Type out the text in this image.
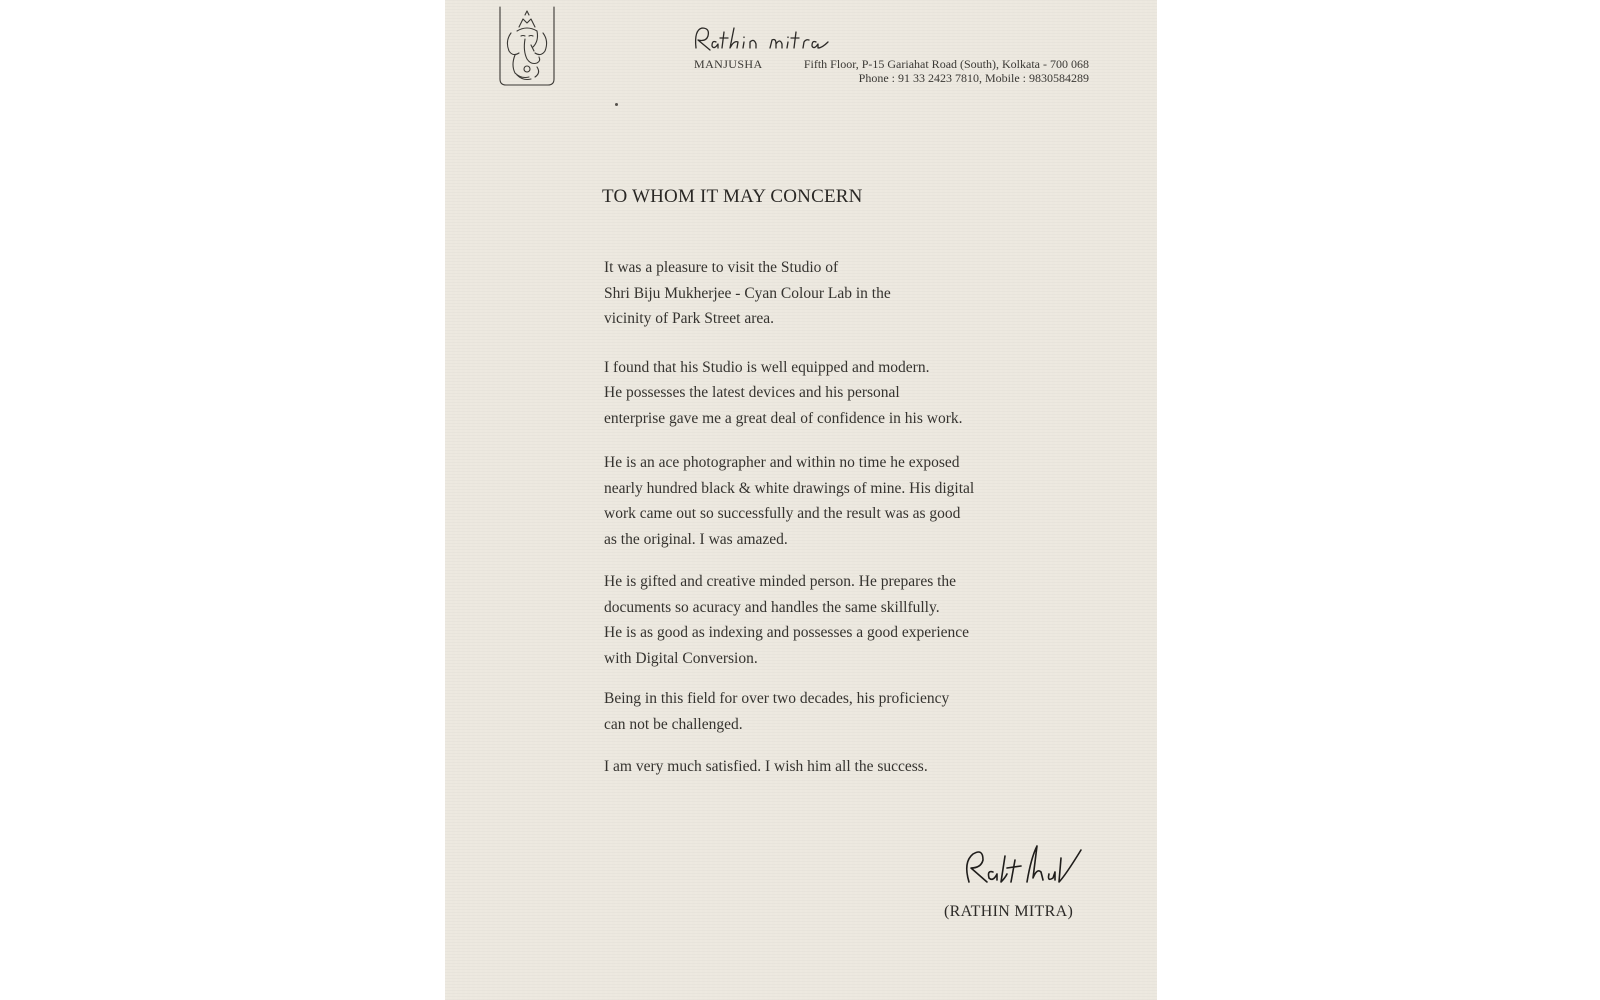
MANJUSHA	Fifth Floor, P-15 Gariahat Road (South), Kolkata - 700 068
Phone : 91 33 2423 7810, Mobile : 9830584289
TO WHOM IT MAY CONCERN

It was a pleasure to visit the Studio of

Shri Biju Mukherjee - Cyan Colour Lab in the

vicinity of Park Street area.

I found that his Studio is well equipped and modern.

He possesses the latest devices and his personal

enterprise gave me a great deal of confidence in his work.

He is an ace photographer and within no time he exposed

nearly hundred black & white drawings of mine. His digital

work came out so successfully and the result was as good

as the original. I was amazed.

He is gifted and creative minded person. He prepares the

documents so acuracy and handles the same skillfully.

He is as good as indexing and possesses a good experience

with Digital Conversion.

Being in this field for over two decades, his proficiency

can not be challenged.

I am very much satisfied. I wish him all the success.

(RATHIN MITRA)
